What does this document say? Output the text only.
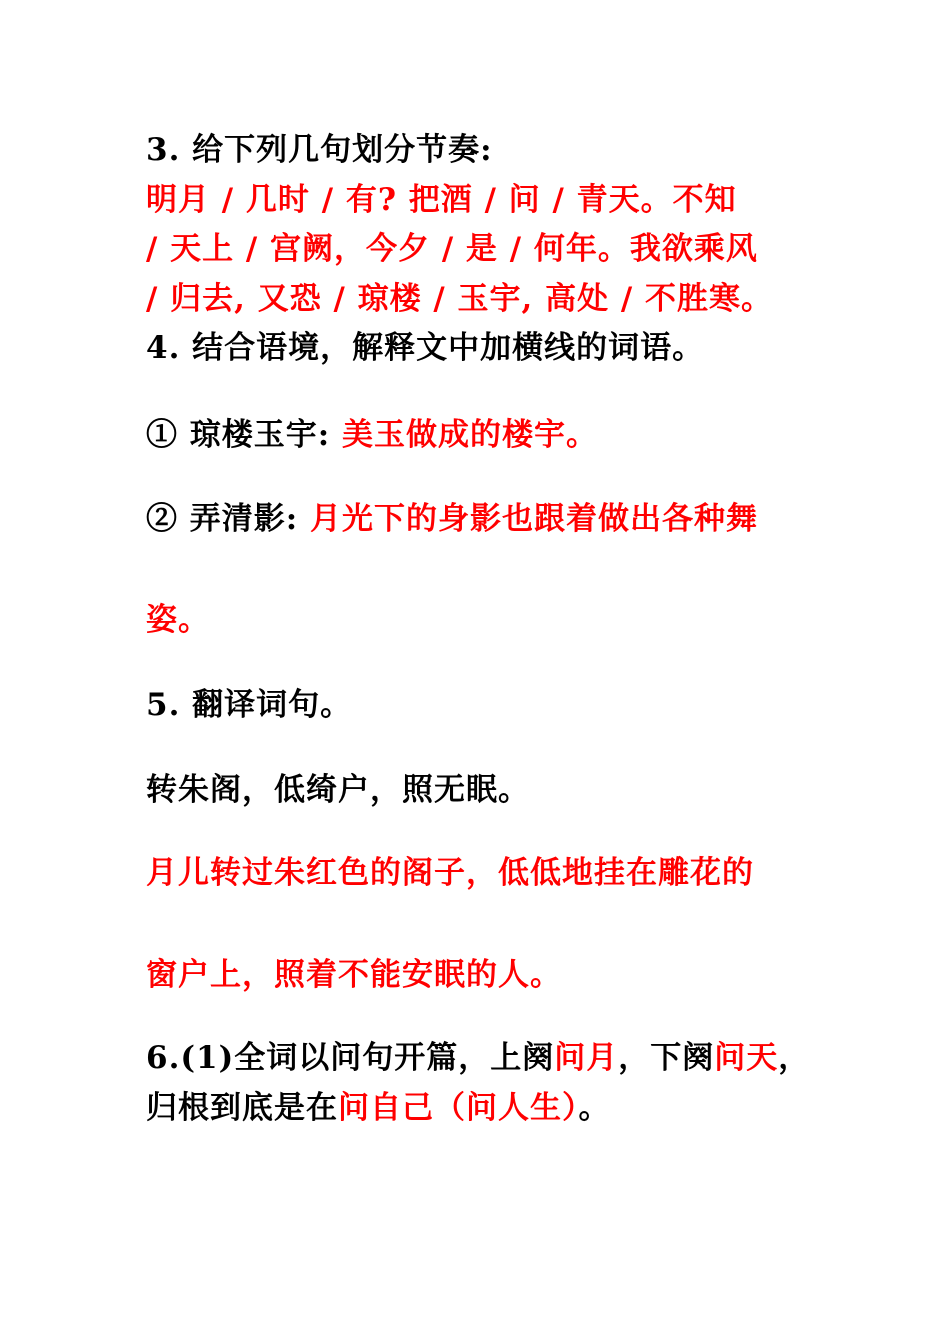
3. 给下列几句划分节奏:
明月 / 几时 / 有? 把酒 / 问 / 青天。不知
/ 天上 / 宫阙，今夕 / 是 / 何年。我欲乘风
/ 归去, 又恐 / 琼楼 / 玉宇, 高处 / 不胜寒。
4. 结合语境，解释文中加横线的词语。
① 琼楼玉宇: 美玉做成的楼宇。
② 弄清影: 月光下的身影也跟着做出各种舞
姿。
5. 翻译词句。
转朱阁，低绮户，照无眠。
月儿转过朱红色的阁子，低低地挂在雕花的
窗户上，照着不能安眠的人。
6.(1)全词以问句开篇，上阕问月，下阕问天，
归根到底是在问自己（问人生）。
